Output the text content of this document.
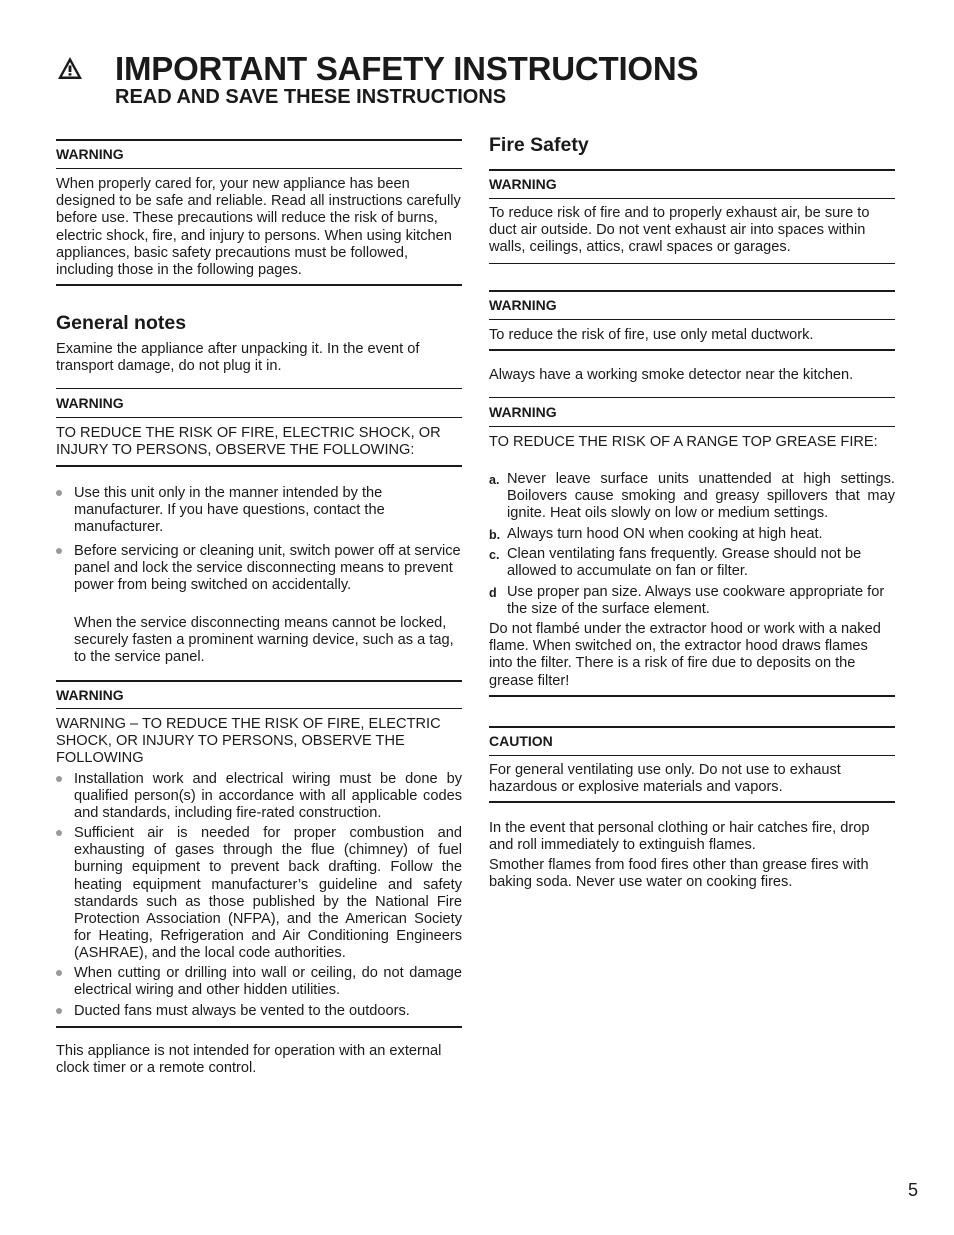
IMPORTANT SAFETY INSTRUCTIONS
READ AND SAVE THESE INSTRUCTIONS
WARNING

When properly cared for, your new appliance has been designed to be safe and reliable. Read all instructions carefully before use. These precautions will reduce the risk of burns, electric shock, fire, and injury to persons. When using kitchen appliances, basic safety precautions must be followed, including those in the following pages.

General notes

Examine the appliance after unpacking it. In the event of transport damage, do not plug it in.

WARNING

TO REDUCE THE RISK OF FIRE, ELECTRIC SHOCK, OR INJURY TO PERSONS, OBSERVE THE FOLLOWING:

Use this unit only in the manner intended by the manufacturer. If you have questions, contact the manufacturer.
Before servicing or cleaning unit, switch power off at service panel and lock the service disconnecting means to prevent power from being switched on accidentally.
When the service disconnecting means cannot be locked, securely fasten a prominent warning device, such as a tag, to the service panel.
WARNING

WARNING – TO REDUCE THE RISK OF FIRE, ELECTRIC SHOCK, OR INJURY TO PERSONS, OBSERVE THE FOLLOWING

Installation work and electrical wiring must be done by qualified person(s) in accordance with all applicable codes and standards, including fire-rated construction.
Sufficient air is needed for proper combustion and exhausting of gases through the flue (chimney) of fuel burning equipment to prevent back drafting. Follow the heating equipment manufacturer’s guideline and safety standards such as those published by the National Fire Protection Association (NFPA), and the American Society for Heating, Refrigeration and Air Conditioning Engineers (ASHRAE), and the local code authorities.
When cutting or drilling into wall or ceiling, do not damage electrical wiring and other hidden utilities.
Ducted fans must always be vented to the outdoors.

This appliance is not intended for operation with an external clock timer or a remote control.

Fire Safety
WARNING

To reduce risk of fire and to properly exhaust air, be sure to duct air outside. Do not vent exhaust air into spaces within walls, ceilings, attics, crawl spaces or garages.

WARNING

To reduce the risk of fire, use only metal ductwork.

Always have a working smoke detector near the kitchen.

WARNING

TO REDUCE THE RISK OF A RANGE TOP GREASE FIRE:

a. Never leave surface units unattended at high settings. Boilovers cause smoking and greasy spillovers that may ignite. Heat oils slowly on low or medium settings.
b. Always turn hood ON when cooking at high heat.
c. Clean ventilating fans frequently. Grease should not be allowed to accumulate on fan or filter.
d Use proper pan size. Always use cookware appropriate for the size of the surface element.

Do not flambé under the extractor hood or work with a naked flame. When switched on, the extractor hood draws flames into the filter. There is a risk of fire due to deposits on the grease filter!

CAUTION

For general ventilating use only. Do not use to exhaust hazardous or explosive materials and vapors.

In the event that personal clothing or hair catches fire, drop and roll immediately to extinguish flames.

Smother flames from food fires other than grease fires with baking soda. Never use water on cooking fires.

5
